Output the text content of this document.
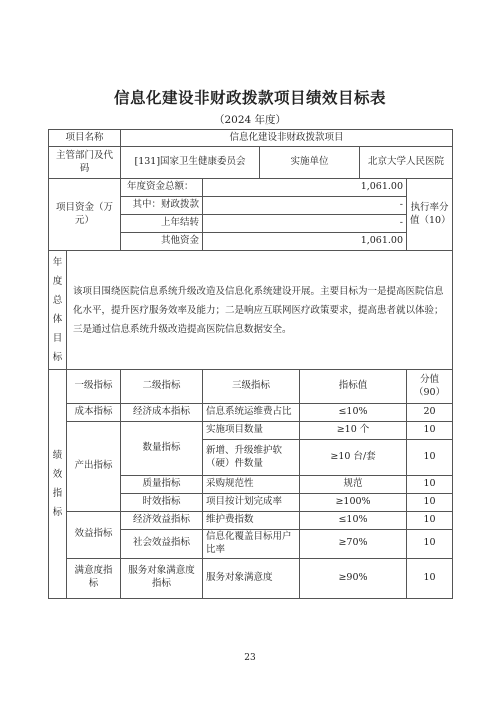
信息化建设非财政拨款项目绩效目标表
（2024 年度）
项目名称		信息化建设非财政拨款项目					
主管部门及代码		[131]国家卫生健康委员会		实施单位		北京大学人民医院	
项目资金（万元）		年度资金总额：	1,061.00				执行率分值（10）
		其中：财政拨款	-				
		上年结转	-				
		其他资金	1,061.00				
年度总体目标	该项目围绕医院信息系统升级改造及信息化系统建设开展。主要目标为一是提高医院信息化水平，提升医疗服务效率及能力；二是响应互联网医疗政策要求，提高患者就以体验；三是通过信息系统升级改造提高医院信息数据安全。						
绩效指标	一级指标	二级指标	三级指标		指标值		分值（90）
	成本指标	经济成本指标	信息系统运维费占比		≤10%		20
	产出指标	数量指标	实施项目数量		≥10 个		10
			新增、升级维护软（硬）件数量		≥10 台/套		10
		质量指标	采购规范性		规范		10
		时效指标	项目按计划完成率		≥100%		10
	效益指标	经济效益指标	维护费指数		≤10%		10
		社会效益指标	信息化覆盖目标用户比率		≥70%		10
	满意度指标	服务对象满意度指标	服务对象满意度		≥90%		10
23
